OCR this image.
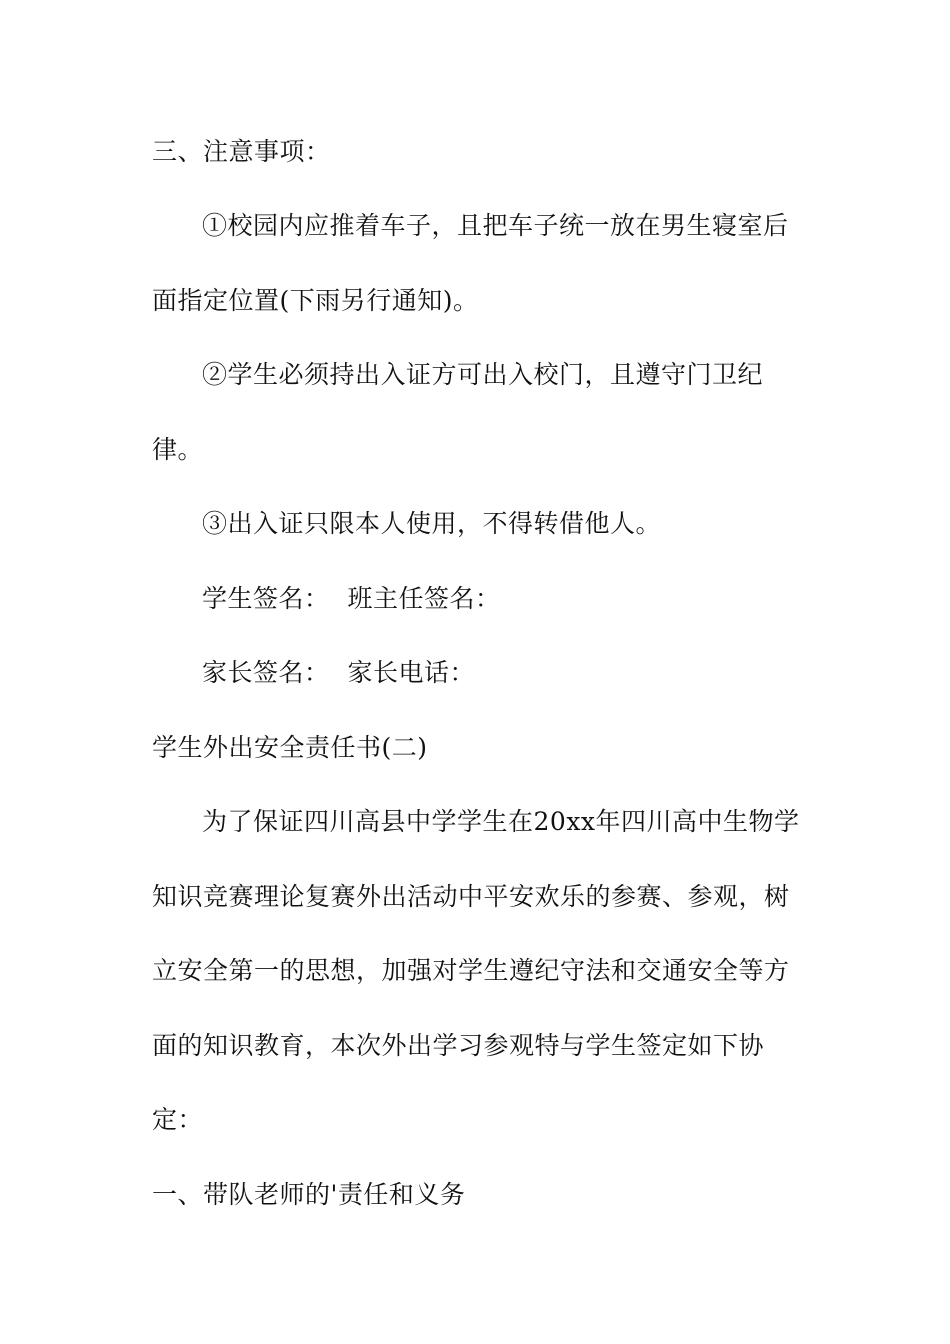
三、注意事项：
①校园内应推着车子，且把车子统一放在男生寝室后
面指定位置(下雨另行通知)。
②学生必须持出入证方可出入校门，且遵守门卫纪
律。
③出入证只限本人使用，不得转借他人。
学生签名： 班主任签名：
家长签名： 家长电话：
学生外出安全责任书(二)
为了保证四川高县中学学生在20xx年四川高中生物学
知识竞赛理论复赛外出活动中平安欢乐的参赛、参观，树
立安全第一的思想，加强对学生遵纪守法和交通安全等方
面的知识教育，本次外出学习参观特与学生签定如下协
定：
一、带队老师的'责任和义务
